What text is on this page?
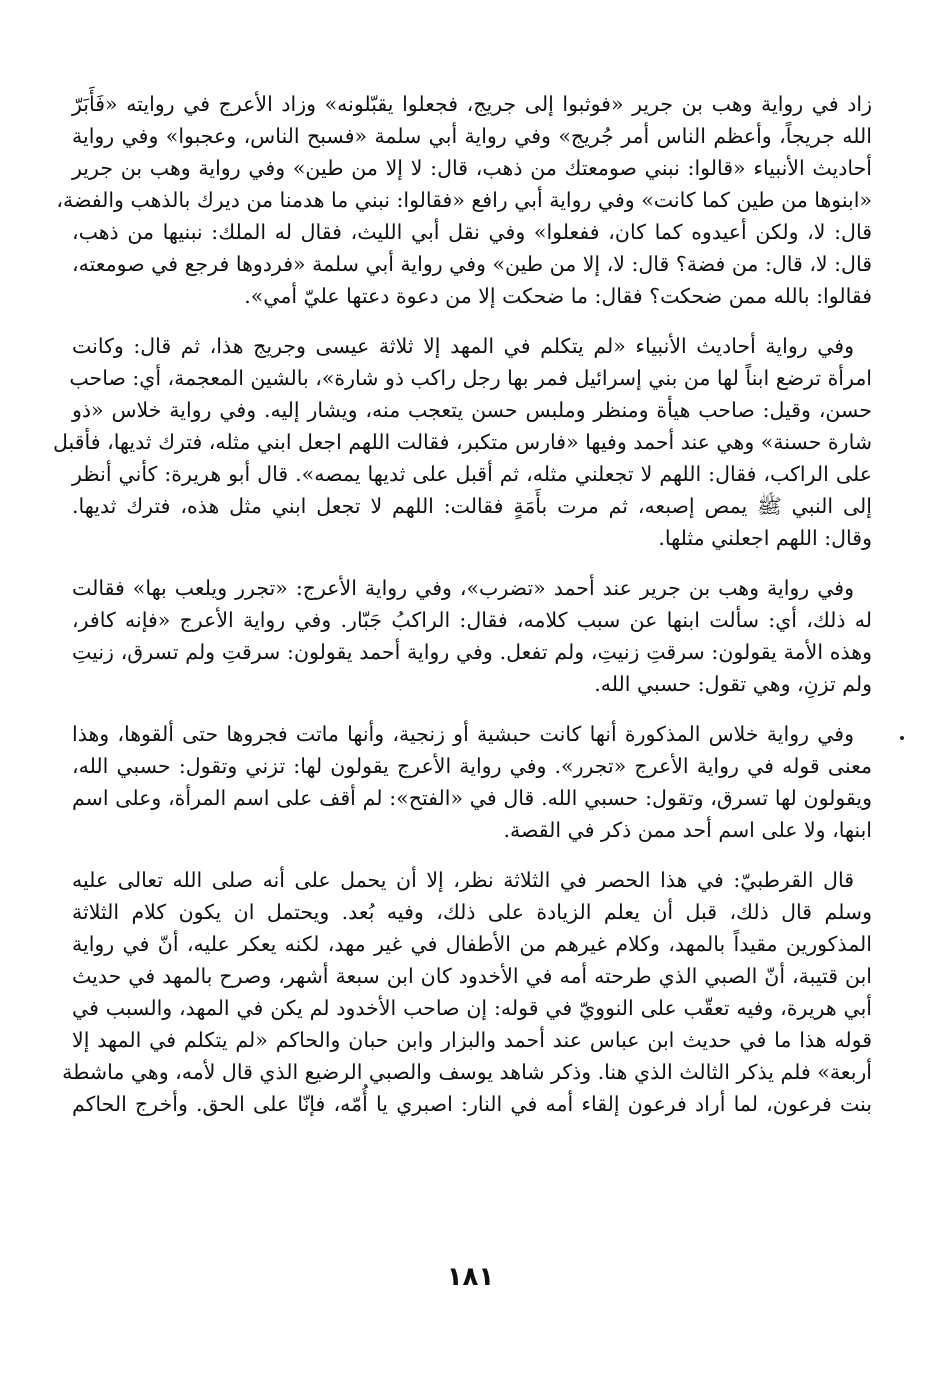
زاد في رواية وهب بن جرير «فوثبوا إلى جريج، فجعلوا يقبّلونه» وزاد الأعرج في روايته «فَأَبَرّ
الله جريجاً، وأعظم الناس أمر جُريج» وفي رواية أبي سلمة «فسبح الناس، وعجبوا» وفي رواية
أحاديث الأنبياء «قالوا: نبني صومعتك من ذهب، قال: لا إلا من طين» وفي رواية وهب بن جرير
«ابنوها من طين كما كانت» وفي رواية أبي رافع «فقالوا: نبني ما هدمنا من ديرك بالذهب والفضة،
قال: لا، ولكن أعيدوه كما كان، ففعلوا» وفي نقل أبي الليث، فقال له الملك: نبنيها من ذهب،
قال: لا، قال: من فضة؟ قال: لا، إلا من طين» وفي رواية أبي سلمة «فردوها فرجع في صومعته،
فقالوا: بالله ممن ضحكت؟ فقال: ما ضحكت إلا من دعوة دعتها عليّ أمي».
وفي رواية أحاديث الأنبياء «لم يتكلم في المهد إلا ثلاثة عيسى وجريج هذا، ثم قال: وكانت
امرأة ترضع ابناً لها من بني إسرائيل فمر بها رجل راكب ذو شارة»، بالشين المعجمة، أي: صاحب
حسن، وقيل: صاحب هيأة ومنظر وملبس حسن يتعجب منه، ويشار إليه. وفي رواية خلاس «ذو
شارة حسنة» وهي عند أحمد وفيها «فارس متكبر، فقالت اللهم اجعل ابني مثله، فترك ثديها، فأقبل
على الراكب، فقال: اللهم لا تجعلني مثله، ثم أقبل على ثديها يمصه». قال أبو هريرة: كأني أنظر
إلى النبي ﷺ يمص إصبعه، ثم مرت بأَمَةٍ فقالت: اللهم لا تجعل ابني مثل هذه، فترك ثديها.
وقال: اللهم اجعلني مثلها.
وفي رواية وهب بن جرير عند أحمد «تضرب»، وفي رواية الأعرج: «تجرر ويلعب بها» فقالت
له ذلك، أي: سألت ابنها عن سبب كلامه، فقال: الراكبُ جَبّار. وفي رواية الأعرج «فإنه كافر،
وهذه الأمة يقولون: سرقتِ زنيتِ، ولم تفعل. وفي رواية أحمد يقولون: سرقتِ ولم تسرق، زنيتِ
ولم تزنِ، وهي تقول: حسبي الله.
وفي رواية خلاس المذكورة أنها كانت حبشية أو زنجية، وأنها ماتت فجروها حتى ألقوها، وهذا
معنى قوله في رواية الأعرج «تجرر». وفي رواية الأعرج يقولون لها: تزني وتقول: حسبي الله،
ويقولون لها تسرق، وتقول: حسبي الله. قال في «الفتح»: لم أقف على اسم المرأة، وعلى اسم
ابنها، ولا على اسم أحد ممن ذكر في القصة.
قال القرطبيّ: في هذا الحصر في الثلاثة نظر، إلا أن يحمل على أنه صلى الله تعالى عليه
وسلم قال ذلك، قبل أن يعلم الزيادة على ذلك، وفيه بُعد. ويحتمل ان يكون كلام الثلاثة
المذكورين مقيداً بالمهد، وكلام غيرهم من الأطفال في غير مهد، لكنه يعكر عليه، أنّ في رواية
ابن قتيبة، أنّ الصبي الذي طرحته أمه في الأخدود كان ابن سبعة أشهر، وصرح بالمهد في حديث
أبي هريرة، وفيه تعقّب على النوويّ في قوله: إن صاحب الأخدود لم يكن في المهد، والسبب في
قوله هذا ما في حديث ابن عباس عند أحمد والبزار وابن حبان والحاكم «لم يتكلم في المهد إلا
أربعة» فلم يذكر الثالث الذي هنا. وذكر شاهد يوسف والصبي الرضيع الذي قال لأمه، وهي ماشطة
بنت فرعون، لما أراد فرعون إلقاء أمه في النار: اصبري يا أُمّه، فإنّا على الحق. وأخرج الحاكم
١٨١
